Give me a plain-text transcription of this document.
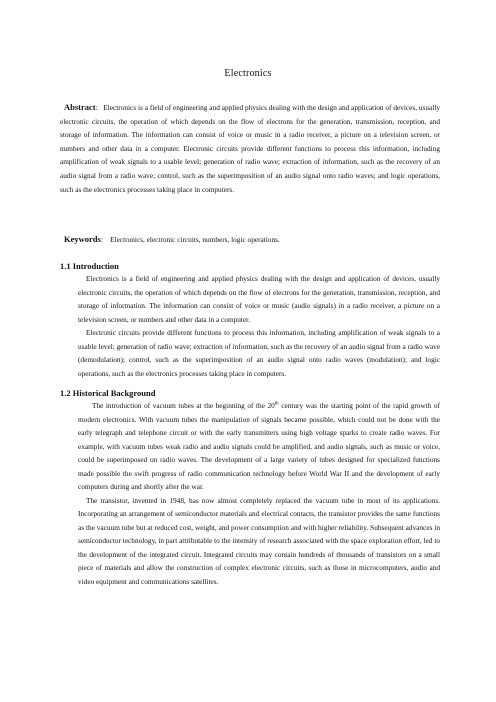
Electronics
Abstract: Electronics is a field of engineering and applied physics dealing with the design and application of devices, usually electronic circuits, the operation of which depends on the flow of electrons for the generation, transmission, reception, and storage of information. The information can consist of voice or music in a radio receiver, a picture on a television screen, or numbers and other data in a computer. Electronic circuits provide different functions to process this information, including amplification of weak signals to a usable level; generation of radio wave; extraction of information, such as the recovery of an audio signal from a radio wave; control, such as the superimposition of an audio signal onto radio waves; and logic operations, such as the electronics processes taking place in computers.
Keywords: Electronics, electronic circuits, numbers, logic operations.
1.1 Introduction

Electronics is a field of engineering and applied physics dealing with the design and application of devices, usually electronic circuits, the operation of which depends on the flow of electrons for the generation, transmission, reception, and storage of information. The information can consist of voice or music (audio signals) in a radio receiver, a picture on a television screen, or numbers and other data in a computer.

Electronic circuits provide different functions to process this information, including amplification of weak signals to a usable level; generation of radio wave; extraction of information, such as the recovery of an audio signal from a radio wave (demodulation); control, such as the superimposition of an audio signal onto radio waves (modulation); and logic operations, such as the electronics processes taking place in computers.

1.2 Historical Background

The introduction of vacuum tubes at the beginning of the 20th century was the starting point of the rapid growth of modern electronics. With vacuum tubes the manipulation of signals became possible, which could not be done with the early telegraph and telephone circuit or with the early transmitters using high voltage sparks to create radio waves. For example, with vacuum tubes weak radio and audio signals could be amplified, and audio signals, such as music or voice, could be superimposed on radio waves. The development of a large variety of tubes designed for specialized functions made possible the swift progress of radio communication technology before World War II and the development of early computers during and shortly after the war.

The transistor, invented in 1948, has now almost completely replaced the vacuum tube in most of its applications. Incorporating an arrangement of semiconductor materials and electrical contacts, the transistor provides the same functions as the vacuum tube but at reduced cost, weight, and power consumption and with higher reliability. Subsequent advances in semiconductor technology, in part attributable to the intensity of research associated with the space exploration effort, led to the development of the integrated circuit. Integrated circuits may contain hundreds of thousands of transistors on a small piece of materials and allow the construction of complex electronic circuits, such as those in microcomputers, audio and video equipment and communications satellites.
